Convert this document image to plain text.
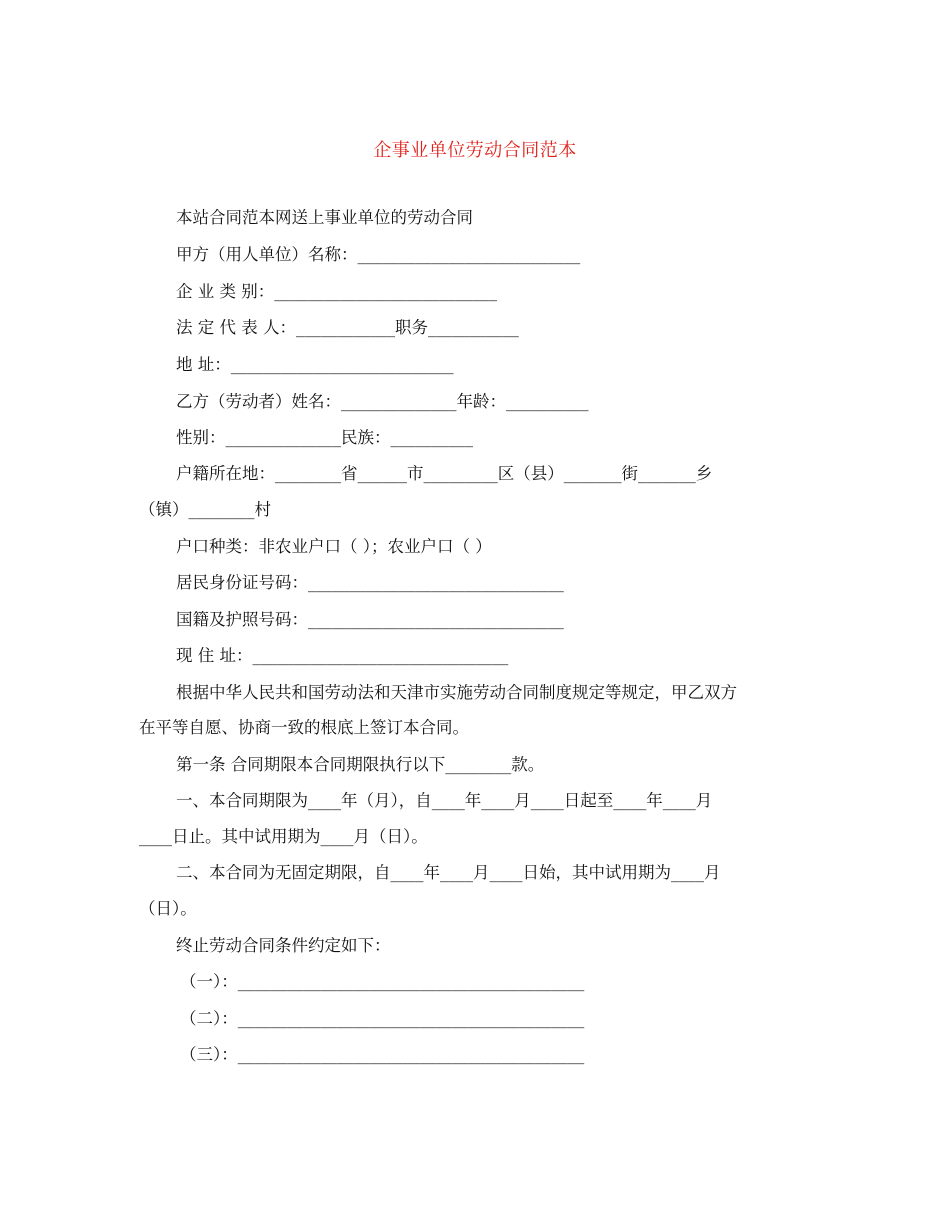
企事业单位劳动合同范本
本站合同范本网送上事业单位的劳动合同
甲方（用人单位）名称：___________________________
企 业 类 别：___________________________
法 定 代 表 人：____________职务___________
地 址：___________________________
乙方（劳动者）姓名：______________年龄：__________
性别：______________民族：__________
户籍所在地：________省______市_________区（县）_______街_______乡
（镇）________村
户口种类：非农业户口（ ）；农业户口（ ）
居民身份证号码：_______________________________
国籍及护照号码：_______________________________
现 住 址：_______________________________
根据中华人民共和国劳动法和天津市实施劳动合同制度规定等规定，甲乙双方
在平等自愿、协商一致的根底上签订本合同。
第一条 合同期限本合同期限执行以下________款。
一、本合同期限为____年（月），自____年____月____日起至____年____月
____日止。其中试用期为____月（日）。
二、本合同为无固定期限，自____年____月____日始，其中试用期为____月
（日）。
终止劳动合同条件约定如下：
（一）：__________________________________________
（二）：__________________________________________
（三）：__________________________________________
